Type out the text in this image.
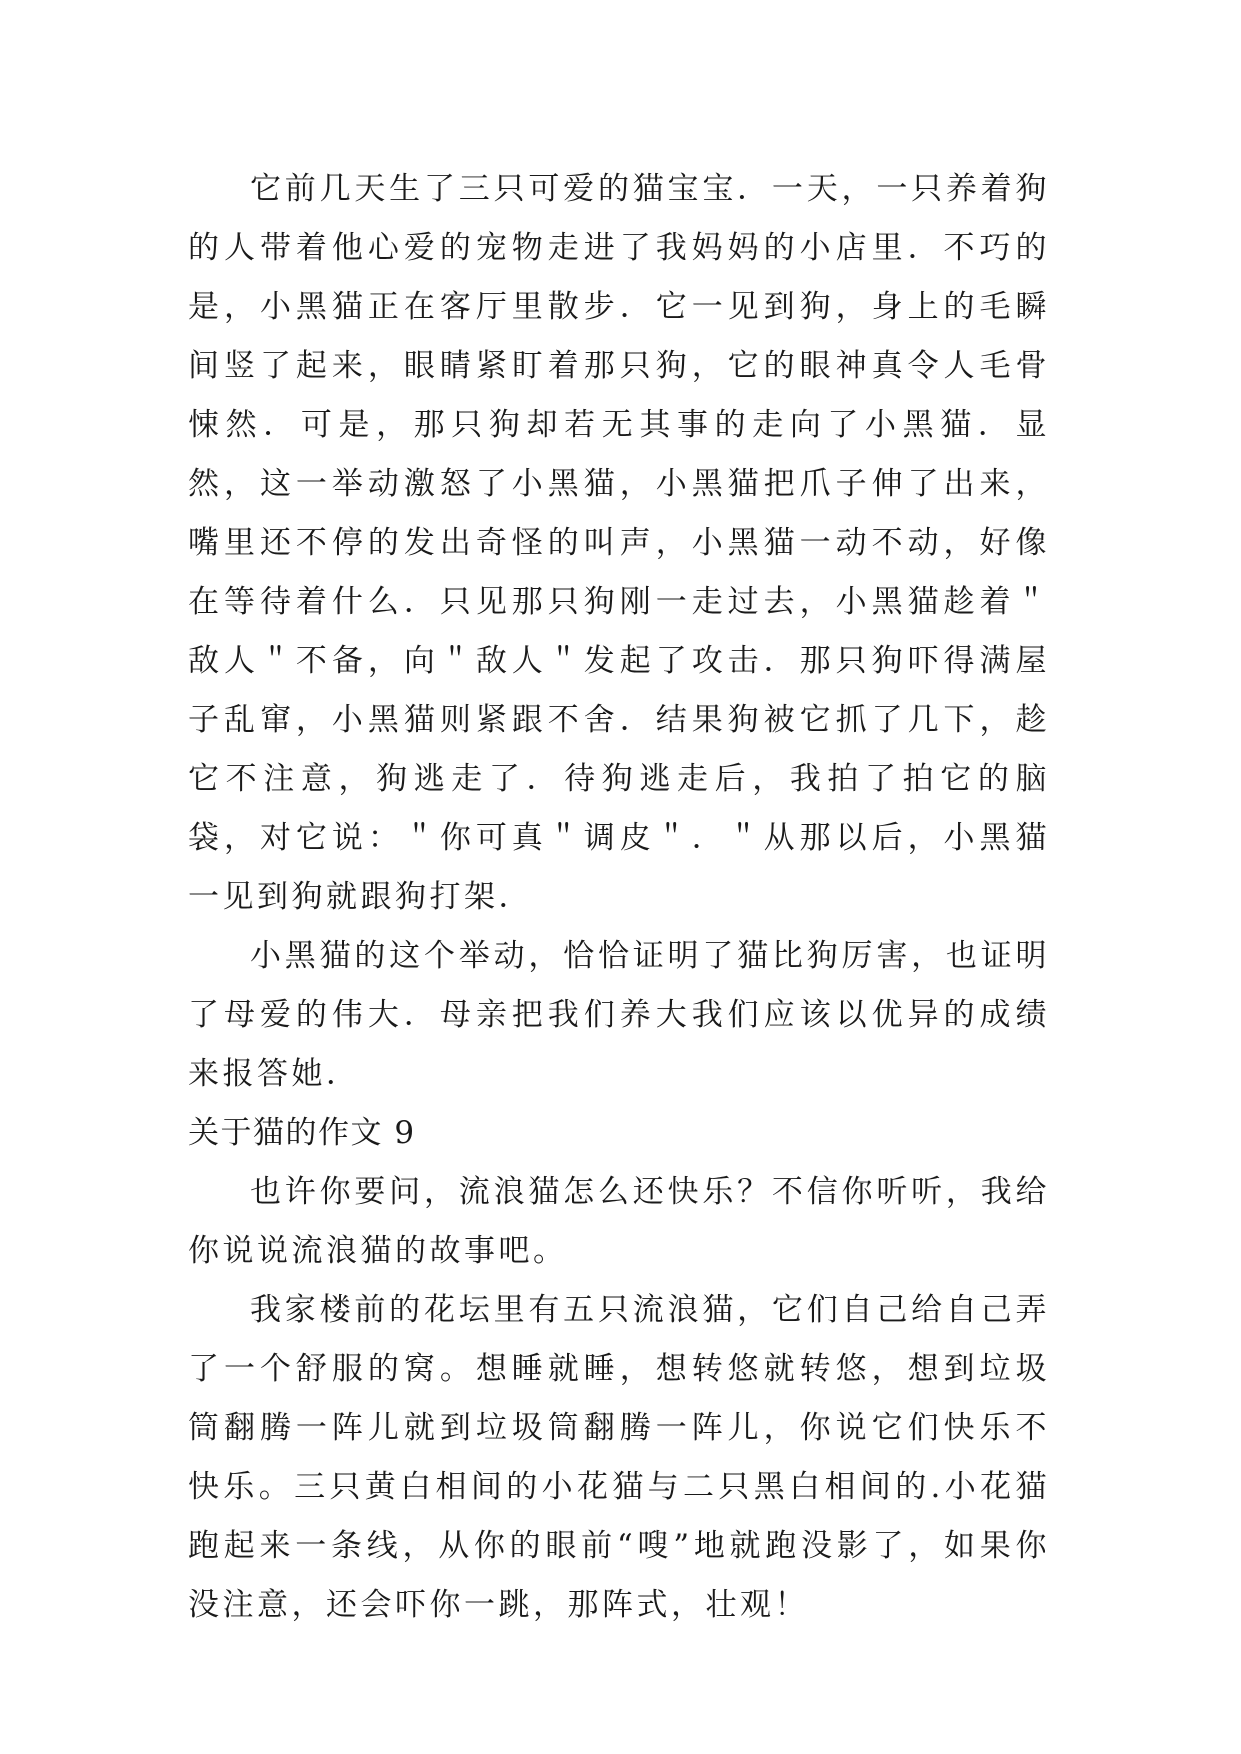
它前几天生了三只可爱的猫宝宝．一天，一只养着狗的人带着他心爱的宠物走进了我妈妈的小店里．不巧的是，小黑猫正在客厅里散步．它一见到狗，身上的毛瞬间竖了起来，眼睛紧盯着那只狗，它的眼神真令人毛骨悚然．可是，那只狗却若无其事的走向了小黑猫．显然，这一举动激怒了小黑猫，小黑猫把爪子伸了出来，嘴里还不停的发出奇怪的叫声，小黑猫一动不动，好像在等待着什么．只见那只狗刚一走过去，小黑猫趁着＂敌人＂不备，向＂敌人＂发起了攻击．那只狗吓得满屋子乱窜，小黑猫则紧跟不舍．结果狗被它抓了几下，趁它不注意，狗逃走了．待狗逃走后，我拍了拍它的脑袋，对它说：＂你可真＂调皮＂．＂从那以后，小黑猫一见到狗就跟狗打架．

小黑猫的这个举动，恰恰证明了猫比狗厉害，也证明了母爱的伟大．母亲把我们养大我们应该以优异的成绩来报答她．

关于猫的作文 9

也许你要问，流浪猫怎么还快乐？不信你听听，我给你说说流浪猫的故事吧。

我家楼前的花坛里有五只流浪猫，它们自己给自己弄了一个舒服的窝。想睡就睡，想转悠就转悠，想到垃圾筒翻腾一阵儿就到垃圾筒翻腾一阵儿，你说它们快乐不快乐。三只黄白相间的小花猫与二只黑白相间的.小花猫跑起来一条线，从你的眼前“嗖”地就跑没影了，如果你没注意，还会吓你一跳，那阵式，壮观！
